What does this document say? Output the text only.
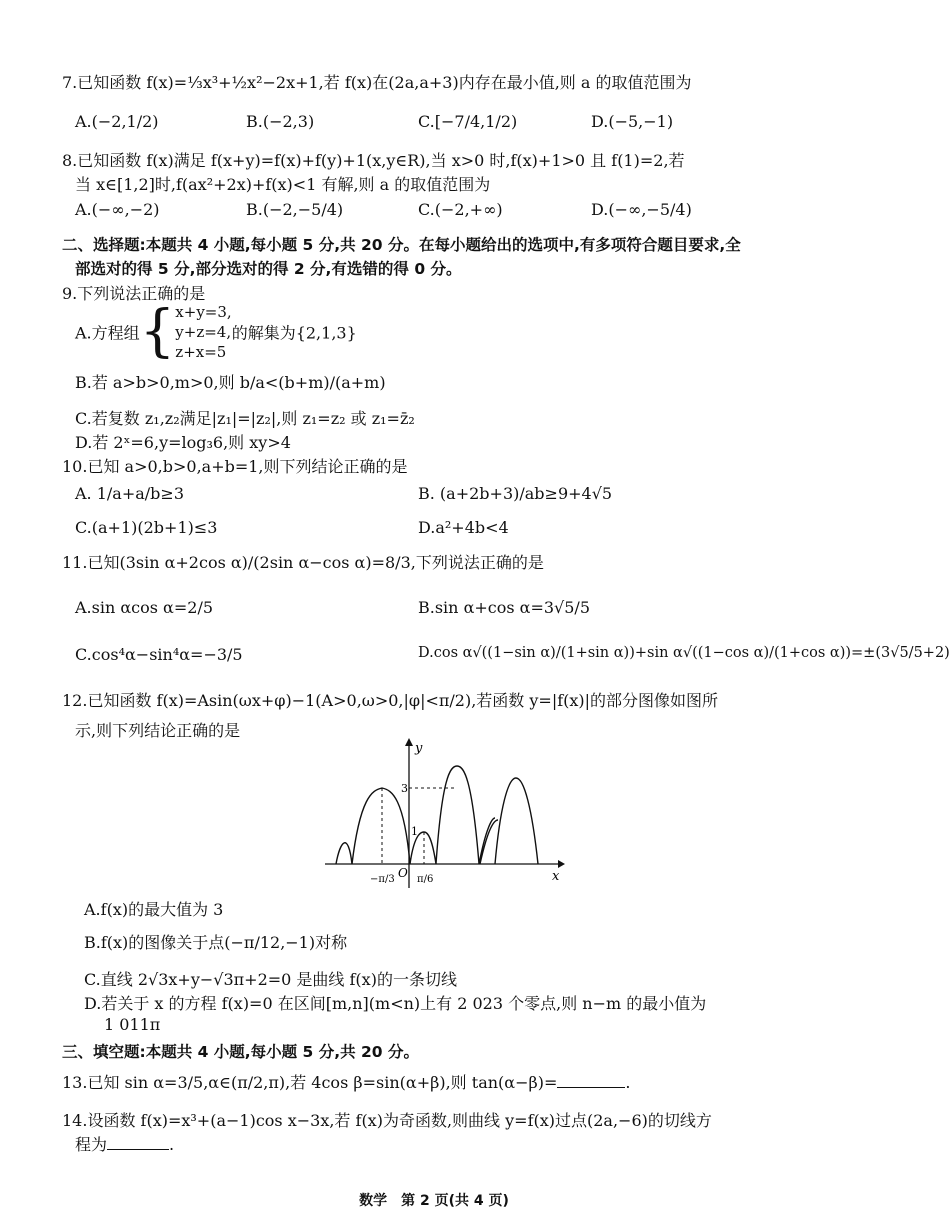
7.已知函数 f(x)=⅓x³+½x²−2x+1,若 f(x)在(2a,a+3)内存在最小值,则 a 的取值范围为
A.(−2,1/2)	B.(−2,3)	C.[−7/4,1/2)	D.(−5,−1)
8.已知函数 f(x)满足 f(x+y)=f(x)+f(y)+1(x,y∈R),当 x>0 时,f(x)+1>0 且 f(1)=2,若
当 x∈[1,2]时,f(ax²+2x)+f(x)<1 有解,则 a 的取值范围为
A.(−∞,−2)	B.(−2,−5/4)	C.(−2,+∞)	D.(−∞,−5/4)
二、选择题:本题共 4 小题,每小题 5 分,共 20 分。在每小题给出的选项中,有多项符合题目要求,全
部选对的得 5 分,部分选对的得 2 分,有选错的得 0 分。
9.下列说法正确的是
A.方程组{ x+y=3,
y+z=4,
z+x=5
的解集为{2,1,3}
B.若 a>b>0,m>0,则 b/a<(b+m)/(a+m)
C.若复数 z₁,z₂满足|z₁|=|z₂|,则 z₁=z₂ 或 z₁=z̄₂
D.若 2ˣ=6,y=log₃6,则 xy>4
10.已知 a>0,b>0,a+b=1,则下列结论正确的是
A. 1/a+a/b≥3	B. (a+2b+3)/ab≥9+4√5
C.(a+1)(2b+1)≤3	D.a²+4b<4
11.已知(3sin α+2cos α)/(2sin α−cos α)=8/3,下列说法正确的是
A.sin αcos α=2/5	B.sin α+cos α=3√5/5
C.cos⁴α−sin⁴α=−3/5	D.cos α√((1−sin α)/(1+sin α))+sin α√((1−cos α)/(1+cos α))=±(3√5/5+2)
12.已知函数 f(x)=Asin(ωx+φ)−1(A>0,ω>0,|φ|<π/2),若函数 y=|f(x)|的部分图像如图所
示,则下列结论正确的是
y
x
O
3
1
−π/3 π/6
A.f(x)的最大值为 3
B.f(x)的图像关于点(−π/12,−1)对称
C.直线 2√3x+y−√3π+2=0 是曲线 f(x)的一条切线
D.若关于 x 的方程 f(x)=0 在区间[m,n](m<n)上有 2 023 个零点,则 n−m 的最小值为
1 011π
三、填空题:本题共 4 小题,每小题 5 分,共 20 分。
13.已知 sin α=3/5,α∈(π/2,π),若 4cos β=sin(α+β),则 tan(α−β)=	.
14.设函数 f(x)=x³+(a−1)cos x−3x,若 f(x)为奇函数,则曲线 y=f(x)过点(2a,−6)的切线方
程为	.
数学　第 2 页(共 4 页)
